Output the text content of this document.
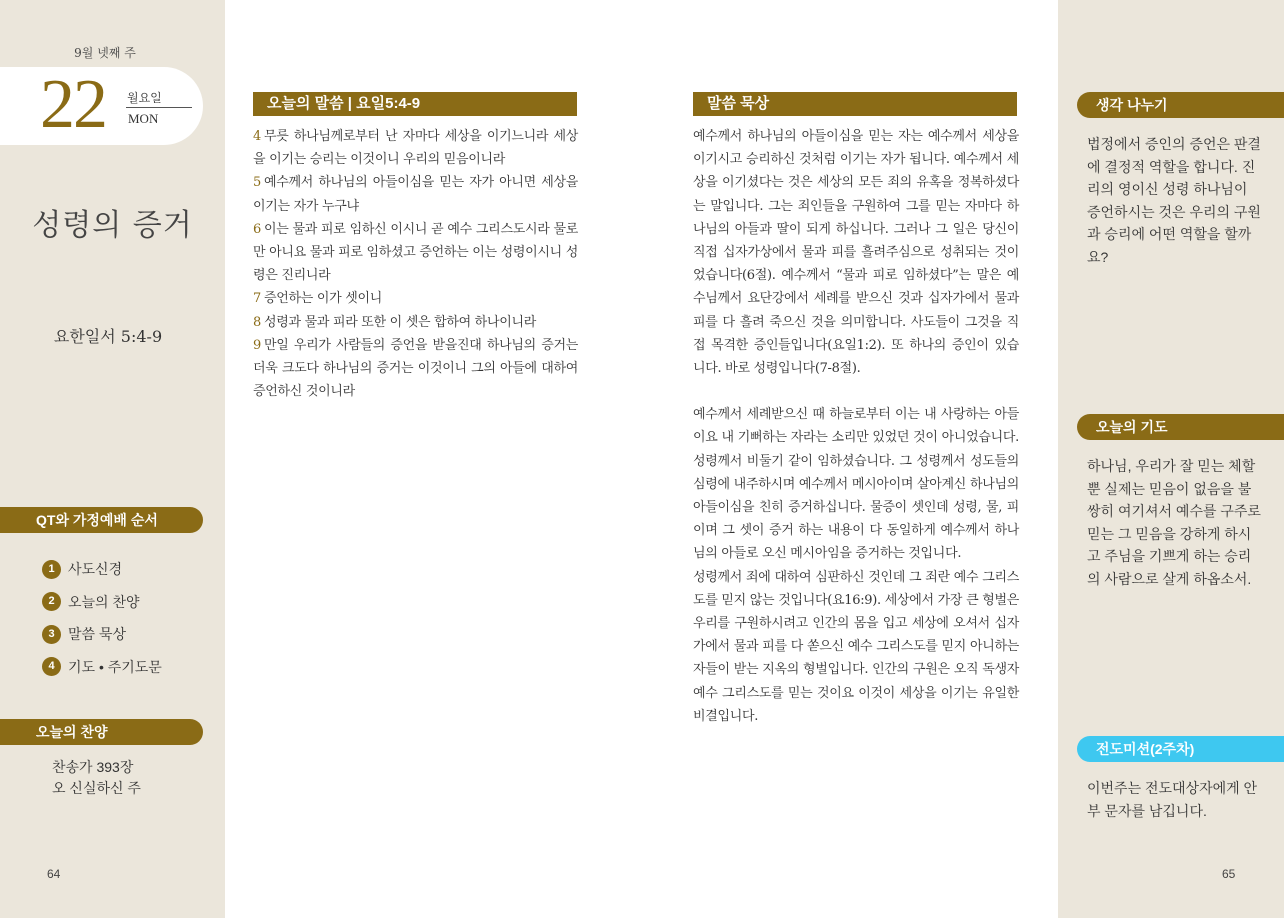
9월 넷째 주
22 월요일
MON
성령의 증거
요한일서 5:4-9
QT와 가정예배 순서
1 사도신경
2 오늘의 찬양
3 말씀 묵상
4 기도 • 주기도문
오늘의 찬양
찬송가 393장
오 신실하신 주
64
오늘의 말씀 | 요일5:4-9
4 무릇 하나님께로부터 난 자마다 세상을 이기느니라 세상을 이기는 승리는 이것이니 우리의 믿음이니라
5 예수께서 하나님의 아들이심을 믿는 자가 아니면 세상을 이기는 자가 누구냐
6 이는 물과 피로 임하신 이시니 곧 예수 그리스도시라 물로만 아니요 물과 피로 임하셨고 증언하는 이는 성령이시니 성령은 진리니라
7 증언하는 이가 셋이니
8 성령과 물과 피라 또한 이 셋은 합하여 하나이니라
9 만일 우리가 사람들의 증언을 받을진대 하나님의 증거는 더욱 크도다 하나님의 증거는 이것이니 그의 아들에 대하여 증언하신 것이니라
말씀 묵상

예수께서 하나님의 아들이심을 믿는 자는 예수께서 세상을 이기시고 승리하신 것처럼 이기는 자가 됩니다. 예수께서 세상을 이기셨다는 것은 세상의 모든 죄의 유혹을 정복하셨다는 말입니다. 그는 죄인들을 구원하여 그를 믿는 자마다 하나님의 아들과 딸이 되게 하십니다. 그러나 그 일은 당신이 직접 십자가상에서 물과 피를 흘려주심으로 성취되는 것이었습니다(6절). 예수께서 “물과 피로 임하셨다”는 말은 예수님께서 요단강에서 세례를 받으신 것과 십자가에서 물과 피를 다 흘려 죽으신 것을 의미합니다. 사도들이 그것을 직접 목격한 증인들입니다(요일1:2). 또 하나의 증인이 있습니다. 바로 성령입니다(7-8절).

예수께서 세례받으신 때 하늘로부터 이는 내 사랑하는 아들이요 내 기뻐하는 자라는 소리만 있었던 것이 아니었습니다. 성령께서 비둘기 같이 임하셨습니다. 그 성령께서 성도들의 심령에 내주하시며 예수께서 메시아이며 살아계신 하나님의 아들이심을 친히 증거하십니다. 물증이 셋인데 성령, 물, 피이며 그 셋이 증거 하는 내용이 다 동일하게 예수께서 하나님의 아들로 오신 메시아임을 증거하는 것입니다.

성령께서 죄에 대하여 심판하신 것인데 그 죄란 예수 그리스도를 믿지 않는 것입니다(요16:9). 세상에서 가장 큰 형벌은 우리를 구원하시려고 인간의 몸을 입고 세상에 오셔서 십자가에서 물과 피를 다 쏟으신 예수 그리스도를 믿지 아니하는 자들이 받는 지옥의 형벌입니다. 인간의 구원은 오직 독생자 예수 그리스도를 믿는 것이요 이것이 세상을 이기는 유일한 비결입니다.

생각 나누기
법정에서 증인의 증언은 판결에 결정적 역할을 합니다. 진리의 영이신 성령 하나님이 증언하시는 것은 우리의 구원과 승리에 어떤 역할을 할까요?
오늘의 기도
하나님, 우리가 잘 믿는 체할 뿐 실제는 믿음이 없음을 불쌍히 여기셔서 예수를 구주로 믿는 그 믿음을 강하게 하시고 주님을 기쁘게 하는 승리의 사람으로 살게 하옵소서.
전도미션(2주차)
이번주는 전도대상자에게 안부 문자를 남깁니다.
65
